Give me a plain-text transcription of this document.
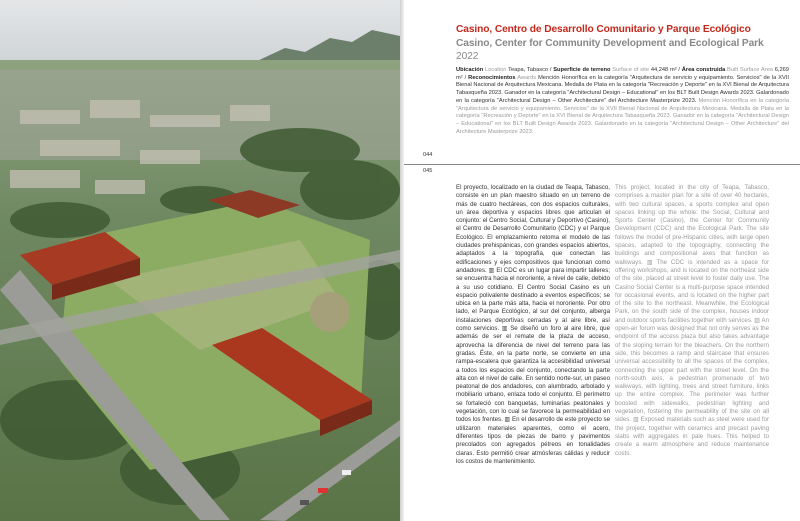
Casino, Centro de Desarrollo Comunitario y Parque Ecológico
Casino, Center for Community Development and Ecological Park 2022
Ubicación Location Teapa, Tabasco / Superficie de terreno Surface of site 44,248 m² / Área construida Built Surface Area 6,269 m² / Reconocimientos Awards Mención Honorífica en la categoría "Arquitectura de servicio y equipamiento. Servicios" de la XVII Bienal Nacional de Arquitectura Mexicana. Medalla de Plata en la categoría "Recreación y Deporte" en la XVI Bienal de Arquitectura Tabasqueña 2023. Ganador en la categoría "Architectural Design – Educational" en los BLT Built Design Awards 2023. Galardonado en la categoría "Architectural Design – Other Architecture" del Architecture Masterprize 2023. Mención Honorífica en la categoría "Arquitectura de servicio y equipamiento. Servicios" de la XVII Bienal Nacional de Arquitectura Mexicana. Medalla de Plata en la categoría "Recreación y Deporte" en la XVI Bienal de Arquitectura Tabasqueña 2023. Ganador en la categoría "Architectural Design – Educational" en los BLT Built Design Awards 2023. Galardonado en la categoría "Architectural Design – Other Architecture" del Architecture Masterprize 2023.
044
045
El proyecto, localizado en la ciudad de Teapa, Tabasco, consiste en un plan maestro situado en un terreno de más de cuatro hectáreas, con dos espacios culturales, un área deportiva y espacios libres que articulan el conjunto: el Centro Social, Cultural y Deportivo (Casino), el Centro de Desarrollo Comunitario (CDC) y el Parque Ecológico. El emplazamiento retoma el modelo de las ciudades prehispánicas, con grandes espacios abiertos, adaptados a la topografía, que conectan las edificaciones y ejes compositivos que funcionan como andadores. ▥ El CDC es un lugar para impartir talleres; se encuentra hacia el nororiente, a nivel de calle, debido a su uso cotidiano. El Centro Social Casino es un espacio polivalente destinado a eventos específicos; se ubica en la parte más alta, hacia el nororiente. Por otro lado, el Parque Ecológico, al sur del conjunto, alberga instalaciones deportivas cerradas y al aire libre, así como servicios. ▥ Se diseñó un foro al aire libre, que además de ser el remate de la plaza de acceso, aprovecha la diferencia de nivel del terreno para las gradas. Éste, en la parte norte, se convierte en una rampa-escalera que garantiza la accesibilidad universal a todos los espacios del conjunto, conectando la parte alta con el nivel de calle. En sentido norte-sur, un paseo peatonal de dos andadores, con alumbrado, arbolado y mobiliario urbano, enlaza todo el conjunto. El perímetro se fortaleció con banquetas, luminarias peatonales y vegetación, con lo cual se favorece la permeabilidad en todos los frentes. ▥ En el desarrollo de este proyecto se utilizaron materiales aparentes, como el acero, diferentes tipos de piezas de barro y pavimentos precolados con agregados pétreos en tonalidades claras. Esto permitió crear atmósferas cálidas y reducir los costos de mantenimiento.
This project, located in the city of Teapa, Tabasco, comprises a master plan for a site of over 40 hectares, with two cultural spaces, a sports complex and open spaces linking up the whole: the Social, Cultural and Sports Center (Casino), the Center for Community Development (CDC) and the Ecological Park. The site follows the model of pre-Hispanic cities, with large open spaces, adapted to the topography, connecting the buildings and compositional axes that function as walkways. ▥ The CDC is intended as a space for offering workshops, and is located on the northeast side of the site, placed at street level to foster daily use. The Casino Social Center is a multi-purpose space intended for occasional events, and is located on the higher part of the site to the northeast. Meanwhile, the Ecological Park, on the south side of the complex, houses indoor and outdoor sports facilities together with services. ▥ An open-air forum was designed that not only serves as the endpoint of the access plaza but also takes advantage of the sloping terrain for the bleachers. On the northern side, this becomes a ramp and staircase that ensures universal accessibility to all the spaces of the complex, connecting the upper part with the street level. On the north-south axis, a pedestrian promenade of two walkways, with lighting, trees and street furniture, links up the entire complex. The perimeter was further boosted with sidewalks, pedestrian lighting and vegetation, fostering the permeability of the site on all sides. ▥ Exposed materials such as steel were used for the project, together with ceramics and precast paving slabs with aggregates in pale hues. This helped to create a warm atmosphere and reduce maintenance costs.
